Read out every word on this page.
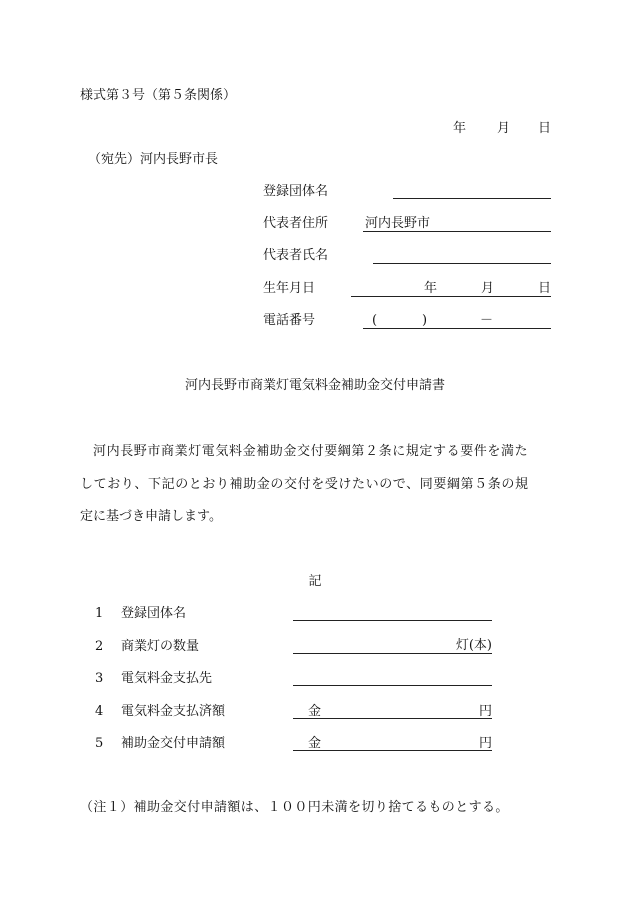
様式第３号（第５条関係）
年 月 日
（宛先）河内長野市長
登録団体名
代表者住所	河内長野市
代表者氏名
生年月日	年	月	日
電話番号	(	)	－
河内長野市商業灯電気料金補助金交付申請書
河内長野市商業灯電気料金補助金交付要綱第２条に規定する要件を満た
しており、下記のとおり補助金の交付を受けたいので、同要綱第５条の規
定に基づき申請します。
記
1 登録団体名
2 商業灯の数量	灯(本)
3 電気料金支払先
4 電気料金支払済額	金	円
5 補助金交付申請額	金	円
（注１）補助金交付申請額は、１００円未満を切り捨てるものとする。
